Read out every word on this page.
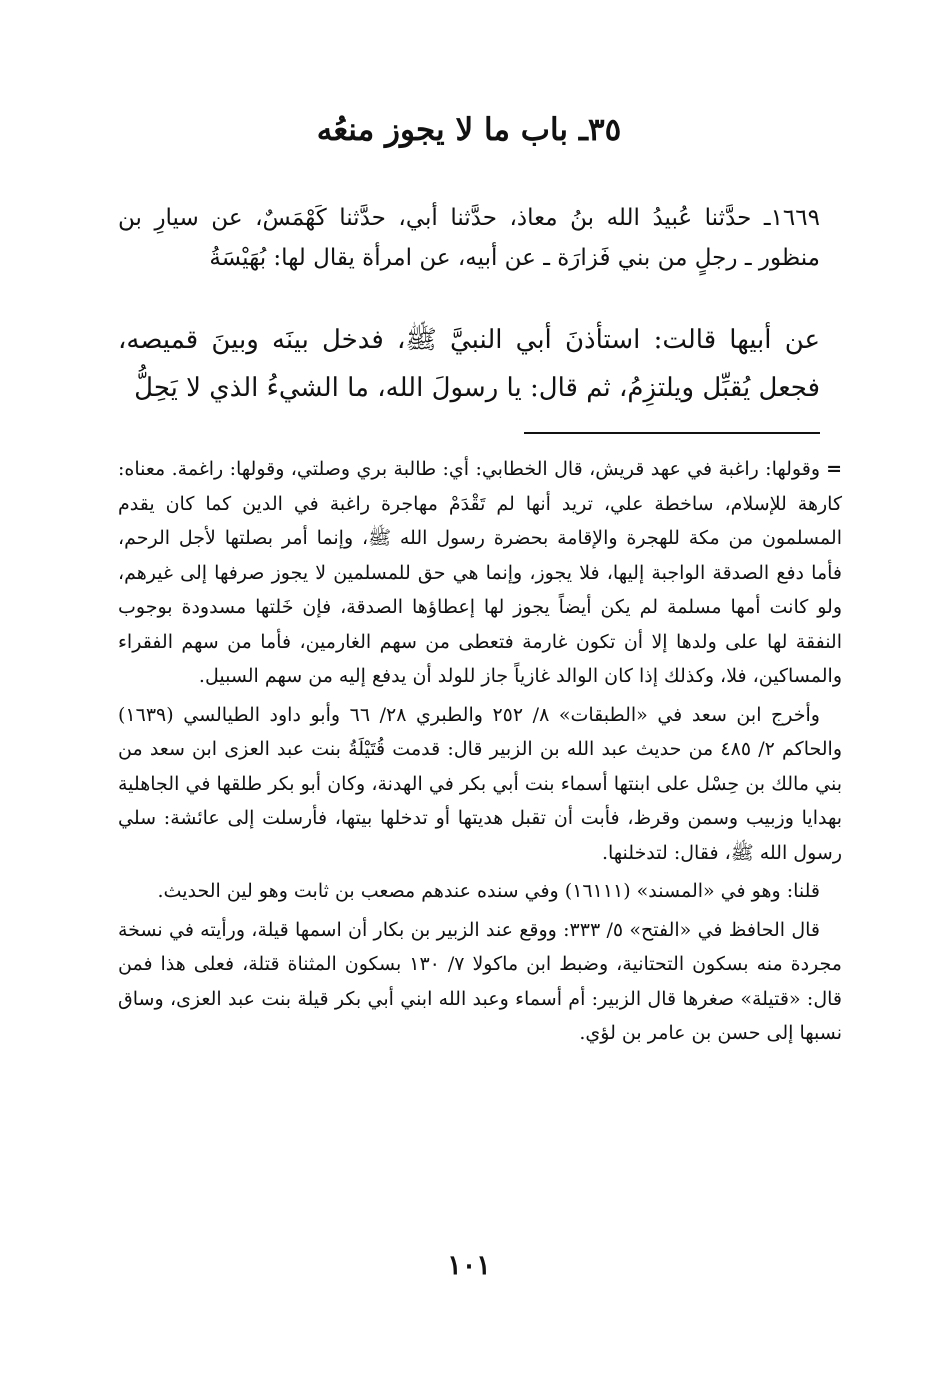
٣٥ـ باب ما لا يجوز منعُه

١٦٦٩ـ حدَّثنا عُبيدُ الله بنُ معاذ، حدَّثنا أبي، حدَّثنا كَهْمَسٌ، عن سيارِ بن منظور ـ رجلٍ من بني فَزارَة ـ عن أبيه، عن امرأة يقال لها: بُهَيْسَةُ

عن أبيها قالت: استأذنَ أبي النبيَّ ﷺ، فدخل بينَه وبينَ قميصه، فجعل يُقبِّل ويلتزِمُ، ثم قال: يا رسولَ الله، ما الشيءُ الذي لا يَحِلُّ

=وقولها: راغبة في عهد قريش، قال الخطابي: أي: طالبة بري وصلتي، وقولها: راغمة. معناه: كارهة للإسلام، ساخطة علي، تريد أنها لم تَقْدَمْ مهاجرة راغبة في الدين كما كان يقدم المسلمون من مكة للهجرة والإقامة بحضرة رسول الله ﷺ، وإنما أمر بصلتها لأجل الرحم، فأما دفع الصدقة الواجبة إليها، فلا يجوز، وإنما هي حق للمسلمين لا يجوز صرفها إلى غيرهم، ولو كانت أمها مسلمة لم يكن أيضاً يجوز لها إعطاؤها الصدقة، فإن خَلتها مسدودة بوجوب النفقة لها على ولدها إلا أن تكون غارمة فتعطى من سهم الغارمين، فأما من سهم الفقراء والمساكين، فلا، وكذلك إذا كان الوالد غازياً جاز للولد أن يدفع إليه من سهم السبيل.

وأخرج ابن سعد في «الطبقات» ٨/ ٢٥٢ والطبري ٢٨/ ٦٦ وأبو داود الطيالسي (١٦٣٩) والحاكم ٢/ ٤٨٥ من حديث عبد الله بن الزبير قال: قدمت قُتَيْلَةُ بنت عبد العزى ابن سعد من بني مالك بن حِسْل على ابنتها أسماء بنت أبي بكر في الهدنة، وكان أبو بكر طلقها في الجاهلية بهدايا وزبيب وسمن وقرظ، فأبت أن تقبل هديتها أو تدخلها بيتها، فأرسلت إلى عائشة: سلي رسول الله ﷺ، فقال: لتدخلنها.

قلنا: وهو في «المسند» (١٦١١١) وفي سنده عندهم مصعب بن ثابت وهو لين الحديث.

قال الحافظ في «الفتح» ٥/ ٣٣٣: ووقع عند الزبير بن بكار أن اسمها قيلة، ورأيته في نسخة مجردة منه بسكون التحتانية، وضبط ابن ماكولا ٧/ ١٣٠ بسكون المثناة قتلة، فعلى هذا فمن قال: «قتيلة» صغرها قال الزبير: أم أسماء وعبد الله ابني أبي بكر قيلة بنت عبد العزى، وساق نسبها إلى حسن بن عامر بن لؤي.

١٠١
